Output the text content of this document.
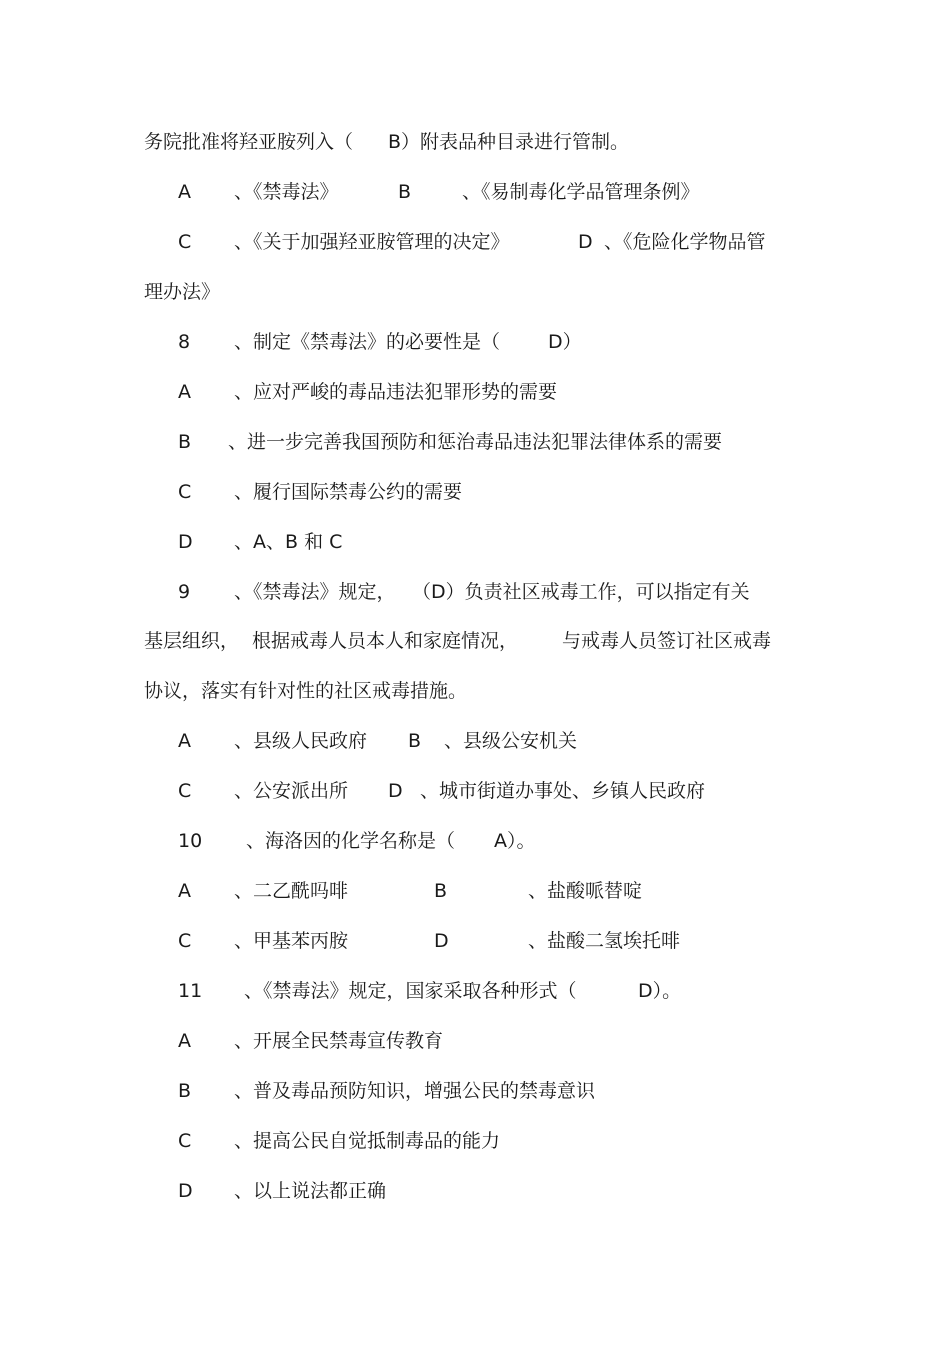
务院批准将羟亚胺列入（ B）附表品种目录进行管制。
A 、《禁毒法》	B	、《易制毒化学品管理条例》
C 、《关于加强羟亚胺管理的决定》	D 、《危险化学物品管
理办法》
8 、制定《禁毒法》的必要性是（	D）
A 、应对严峻的毒品违法犯罪形势的需要
B 、进一步完善我国预防和惩治毒品违法犯罪法律体系的需要
C 、履行国际禁毒公约的需要
D 、A、B 和 C
9 、《禁毒法》规定， （D）负责社区戒毒工作，可以指定有关
基层组织， 根据戒毒人员本人和家庭情况， 与戒毒人员签订社区戒毒
协议，落实有针对性的社区戒毒措施。
A 、县级人民政府 B 、县级公安机关
C 、公安派出所 D 、城市街道办事处、乡镇人民政府
10 、海洛因的化学名称是（ A）。
A 、二乙酰吗啡	B	、盐酸哌替啶
C 、甲基苯丙胺	D	、盐酸二氢埃托啡
11 、《禁毒法》规定，国家采取各种形式（	D）。
A 、开展全民禁毒宣传教育
B 、普及毒品预防知识，增强公民的禁毒意识
C 、提高公民自觉抵制毒品的能力
D 、以上说法都正确
